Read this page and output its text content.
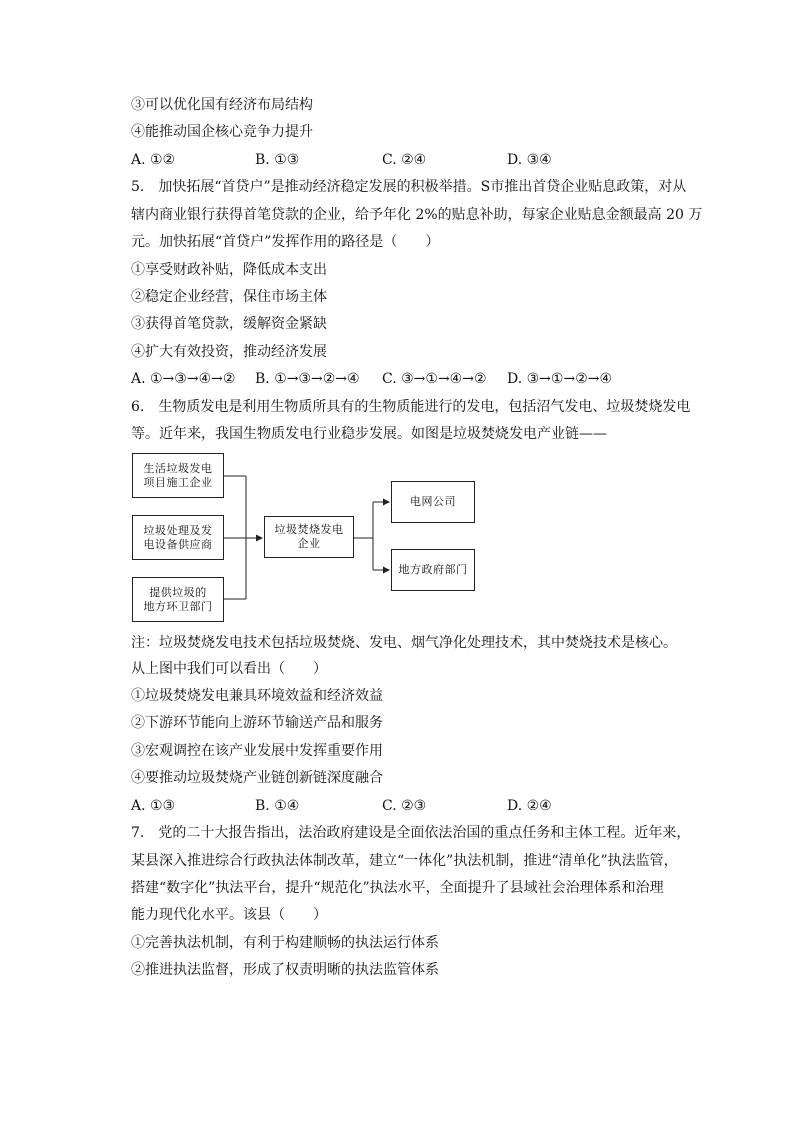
③可以优化国有经济布局结构
④能推动国企核心竞争力提升
A. ①②	B. ①③	C. ②④	D. ③④
5.　加快拓展“首贷户”是推动经济稳定发展的积极举措。S市推出首贷企业贴息政策，对从
辖内商业银行获得首笔贷款的企业，给予年化 2%的贴息补助，每家企业贴息金额最高 20 万
元。加快拓展“首贷户”发挥作用的路径是（　　）
①享受财政补贴，降低成本支出
②稳定企业经营，保住市场主体
③获得首笔贷款，缓解资金紧缺
④扩大有效投资，推动经济发展
A. ①→③→④→② B. ①→③→②→④ C. ③→①→④→② D. ③→①→②→④
6.　生物质发电是利用生物质所具有的生物质能进行的发电，包括沼气发电、垃圾焚烧发电
等。近年来，我国生物质发电行业稳步发展。如图是垃圾焚烧发电产业链——
生活垃圾发电
项目施工企业
垃圾处理及发
电设备供应商
提供垃圾的
地方环卫部门
垃圾焚烧发电
企业
电网公司
地方政府部门
注：垃圾焚烧发电技术包括垃圾焚烧、发电、烟气净化处理技术，其中焚烧技术是核心。
从上图中我们可以看出（　　）
①垃圾焚烧发电兼具环境效益和经济效益
②下游环节能向上游环节输送产品和服务
③宏观调控在该产业发展中发挥重要作用
④要推动垃圾焚烧产业链创新链深度融合
A. ①③	B. ①④	C. ②③	D. ②④
7.　党的二十大报告指出，法治政府建设是全面依法治国的重点任务和主体工程。近年来，
某县深入推进综合行政执法体制改革，建立“一体化”执法机制，推进“清单化”执法监管，
搭建“数字化”执法平台，提升“规范化”执法水平，全面提升了县域社会治理体系和治理
能力现代化水平。该县（　　）
①完善执法机制，有利于构建顺畅的执法运行体系
②推进执法监督，形成了权责明晰的执法监管体系
